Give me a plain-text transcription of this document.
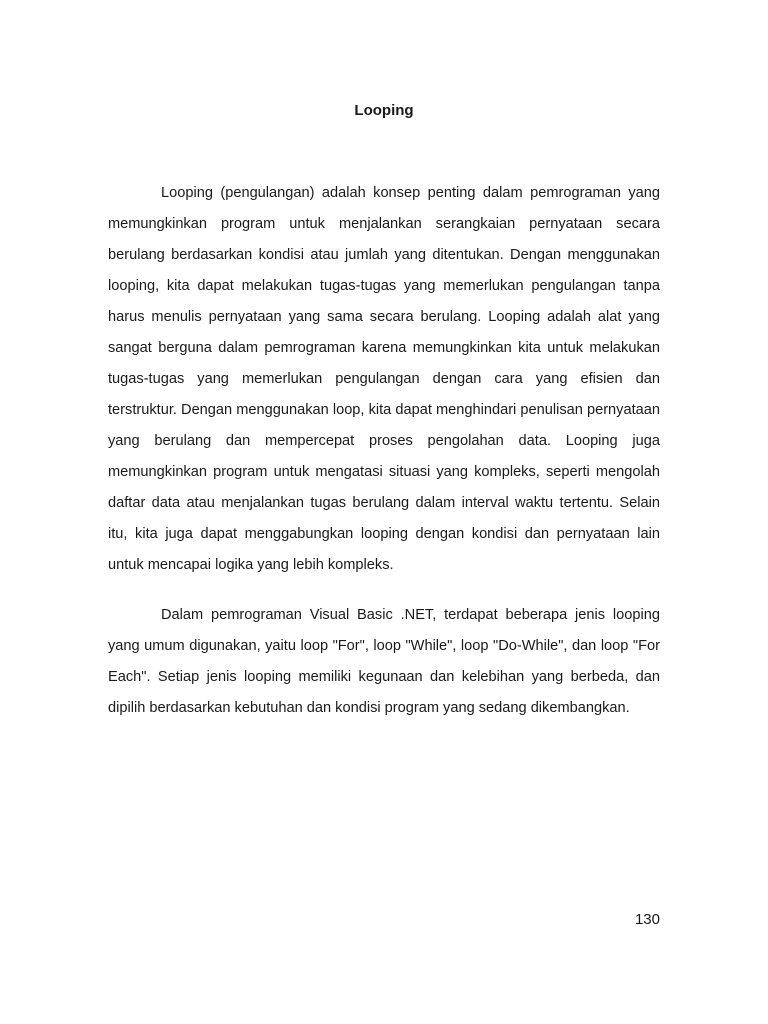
Looping

Looping (pengulangan) adalah konsep penting dalam pemrograman yang memungkinkan program untuk menjalankan serangkaian pernyataan secara berulang berdasarkan kondisi atau jumlah yang ditentukan. Dengan menggunakan looping, kita dapat melakukan tugas-tugas yang memerlukan pengulangan tanpa harus menulis pernyataan yang sama secara berulang. Looping adalah alat yang sangat berguna dalam pemrograman karena memungkinkan kita untuk melakukan tugas-tugas yang memerlukan pengulangan dengan cara yang efisien dan terstruktur. Dengan menggunakan loop, kita dapat menghindari penulisan pernyataan yang berulang dan mempercepat proses pengolahan data. Looping juga memungkinkan program untuk mengatasi situasi yang kompleks, seperti mengolah daftar data atau menjalankan tugas berulang dalam interval waktu tertentu. Selain itu, kita juga dapat menggabungkan looping dengan kondisi dan pernyataan lain untuk mencapai logika yang lebih kompleks.

Dalam pemrograman Visual Basic .NET, terdapat beberapa jenis looping yang umum digunakan, yaitu loop "For", loop "While", loop "Do-While", dan loop "For Each". Setiap jenis looping memiliki kegunaan dan kelebihan yang berbeda, dan dipilih berdasarkan kebutuhan dan kondisi program yang sedang dikembangkan.

130
